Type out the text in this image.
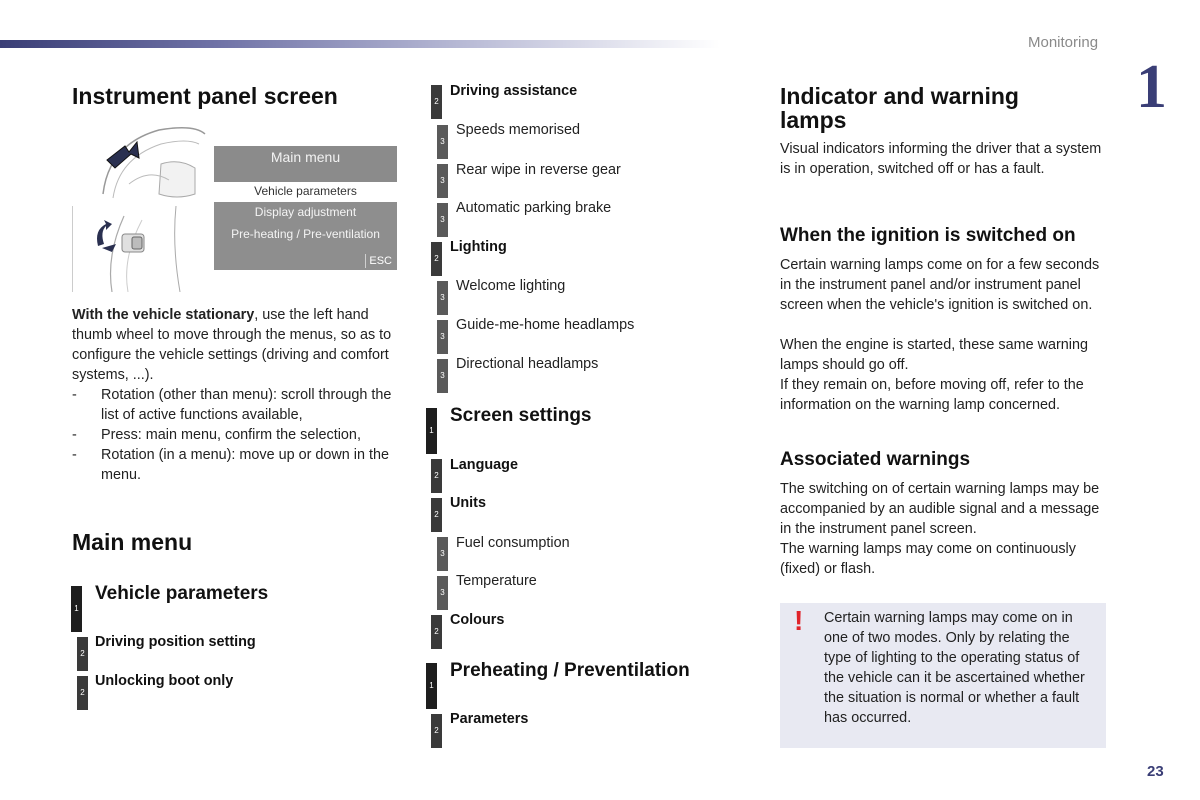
Monitoring
1
23
Instrument panel screen
Main menu
Vehicle parameters
Display adjustment
Pre-heating / Pre-ventilation
ESC

With the vehicle stationary, use the left hand thumb wheel to move through the menus, so as to configure the vehicle settings (driving and comfort systems, ...).

- Rotation (other than menu): scroll through the list of active functions available,
- Press: main menu, confirm the selection,
- Rotation (in a menu): move up or down in the menu.
Main menu
1

Vehicle parameters

2

Driving position setting

2

Unlocking boot only

2

Driving assistance

3

Speeds memorised

3

Rear wipe in reverse gear

3

Automatic parking brake

2

Lighting

3

Welcome lighting

3

Guide-me-home headlamps

3

Directional headlamps

1

Screen settings

2

Language

2

Units

3

Fuel consumption

3

Temperature

2

Colours

1

Preheating / Preventilation

2

Parameters

Indicator and warning lamps

Visual indicators informing the driver that a system is in operation, switched off or has a fault.

When the ignition is switched on

Certain warning lamps come on for a few seconds in the instrument panel and/or instrument panel screen when the vehicle's ignition is switched on.

When the engine is started, these same warning lamps should go off.

If they remain on, before moving off, refer to the information on the warning lamp concerned.

Associated warnings

The switching on of certain warning lamps may be accompanied by an audible signal and a message in the instrument panel screen.

The warning lamps may come on continuously (fixed) or flash.

! Certain warning lamps may come on in one of two modes. Only by relating the type of lighting to the operating status of the vehicle can it be ascertained whether the situation is normal or whether a fault has occurred.
